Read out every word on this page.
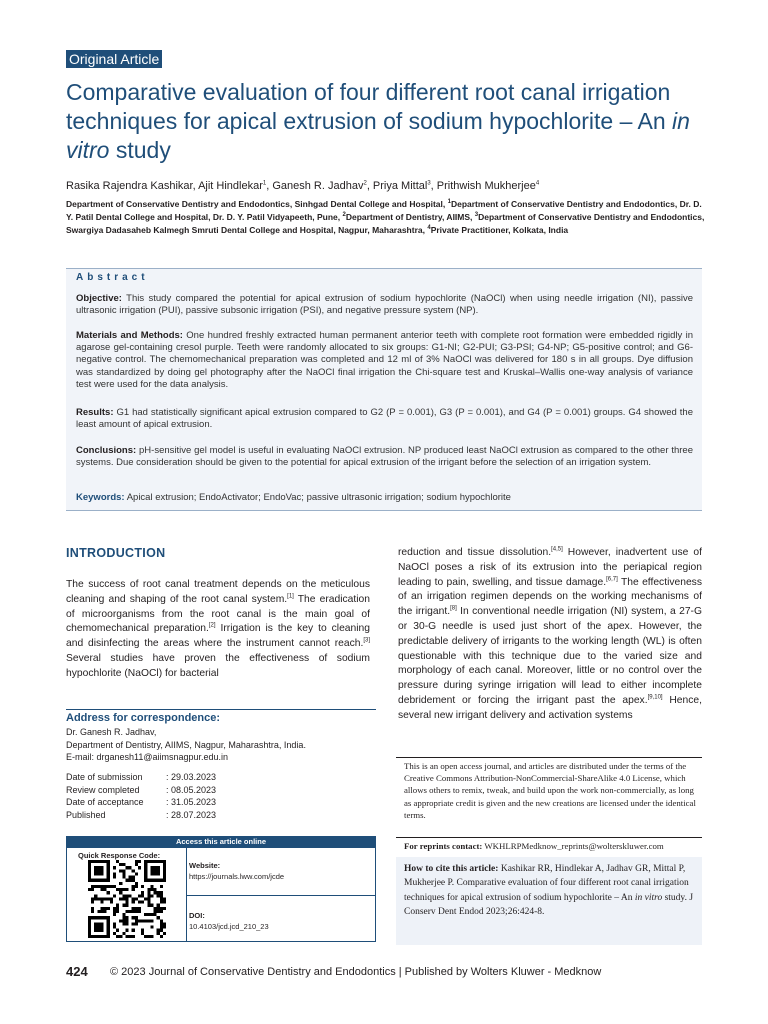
Original Article
Comparative evaluation of four different root canal irrigation techniques for apical extrusion of sodium hypochlorite – An in vitro study
Rasika Rajendra Kashikar, Ajit Hindlekar$^1$, Ganesh R. Jadhav$^2$, Priya Mittal$^3$, Prithwish Mukherjee$^4$
Department of Conservative Dentistry and Endodontics, Sinhgad Dental College and Hospital, $^1$Department of Conservative Dentistry and Endodontics, Dr. D. Y. Patil Dental College and Hospital, Dr. D. Y. Patil Vidyapeeth, Pune, $^2$Department of Dentistry, AIIMS, $^3$Department of Conservative Dentistry and Endodontics, Swargiya Dadasaheb Kalmegh Smruti Dental College and Hospital, Nagpur, Maharashtra, $^4$Private Practitioner, Kolkata, India
Abstract

Objective: This study compared the potential for apical extrusion of sodium hypochlorite (NaOCl) when using needle irrigation (NI), passive ultrasonic irrigation (PUI), passive subsonic irrigation (PSI), and negative pressure system (NP).

Materials and Methods: One hundred freshly extracted human permanent anterior teeth with complete root formation were embedded rigidly in agarose gel-containing cresol purple. Teeth were randomly allocated to six groups: G1-NI; G2-PUI; G3-PSI; G4-NP; G5-positive control; and G6-negative control. The chemomechanical preparation was completed and 12 ml of 3% NaOCl was delivered for 180 s in all groups. Dye diffusion was standardized by doing gel photography after the NaOCl final irrigation the Chi-square test and Kruskal–Wallis one-way analysis of variance test were used for the data analysis.

Results: G1 had statistically significant apical extrusion compared to G2 (P = 0.001), G3 (P = 0.001), and G4 (P = 0.001) groups. G4 showed the least amount of apical extrusion.

Conclusions: pH-sensitive gel model is useful in evaluating NaOCl extrusion. NP produced least NaOCl extrusion as compared to the other three systems. Due consideration should be given to the potential for apical extrusion of the irrigant before the selection of an irrigation system.

Keywords: Apical extrusion; EndoActivator; EndoVac; passive ultrasonic irrigation; sodium hypochlorite

INTRODUCTION

The success of root canal treatment depends on the meticulous cleaning and shaping of the root canal system.[1] The eradication of microorganisms from the root canal is the main goal of chemomechanical preparation.[2] Irrigation is the key to cleaning and disinfecting the areas where the instrument cannot reach.[3] Several studies have proven the effectiveness of sodium hypochlorite (NaOCl) for bacterial

reduction and tissue dissolution.[4,5] However, inadvertent use of NaOCl poses a risk of its extrusion into the periapical region leading to pain, swelling, and tissue damage.[6,7] The effectiveness of an irrigation regimen depends on the working mechanisms of the irrigant.[8] In conventional needle irrigation (NI) system, a 27-G or 30-G needle is used just short of the apex. However, the predictable delivery of irrigants to the working length (WL) is often questionable with this technique due to the varied size and morphology of each canal. Moreover, little or no control over the pressure during syringe irrigation will lead to either incomplete debridement or forcing the irrigant past the apex.[9,10] Hence, several new irrigant delivery and activation systems

Address for correspondence:
Dr. Ganesh R. Jadhav,
Department of Dentistry, AIIMS, Nagpur, Maharashtra, India.
E-mail: drganesh11@aiimsnagpur.edu.in
Date of submission	: 29.03.2023
Review completed	: 08.05.2023
Date of acceptance	: 31.05.2023
Published	: 28.07.2023
Access this article online
Quick Response Code:
Website:
https://journals.lww.com/jcde
DOI:
10.4103/jcd.jcd_210_23
This is an open access journal, and articles are distributed under the terms of the Creative Commons Attribution-NonCommercial-ShareAlike 4.0 License, which allows others to remix, tweak, and build upon the work non-commercially, as long as appropriate credit is given and the new creations are licensed under the identical terms.
For reprints contact: WKHLRPMedknow_reprints@wolterskluwer.com
How to cite this article: Kashikar RR, Hindlekar A, Jadhav GR, Mittal P, Mukherjee P. Comparative evaluation of four different root canal irrigation techniques for apical extrusion of sodium hypochlorite – An in vitro study. J Conserv Dent Endod 2023;26:424-8.
424 © 2023 Journal of Conservative Dentistry and Endodontics | Published by Wolters Kluwer - Medknow
